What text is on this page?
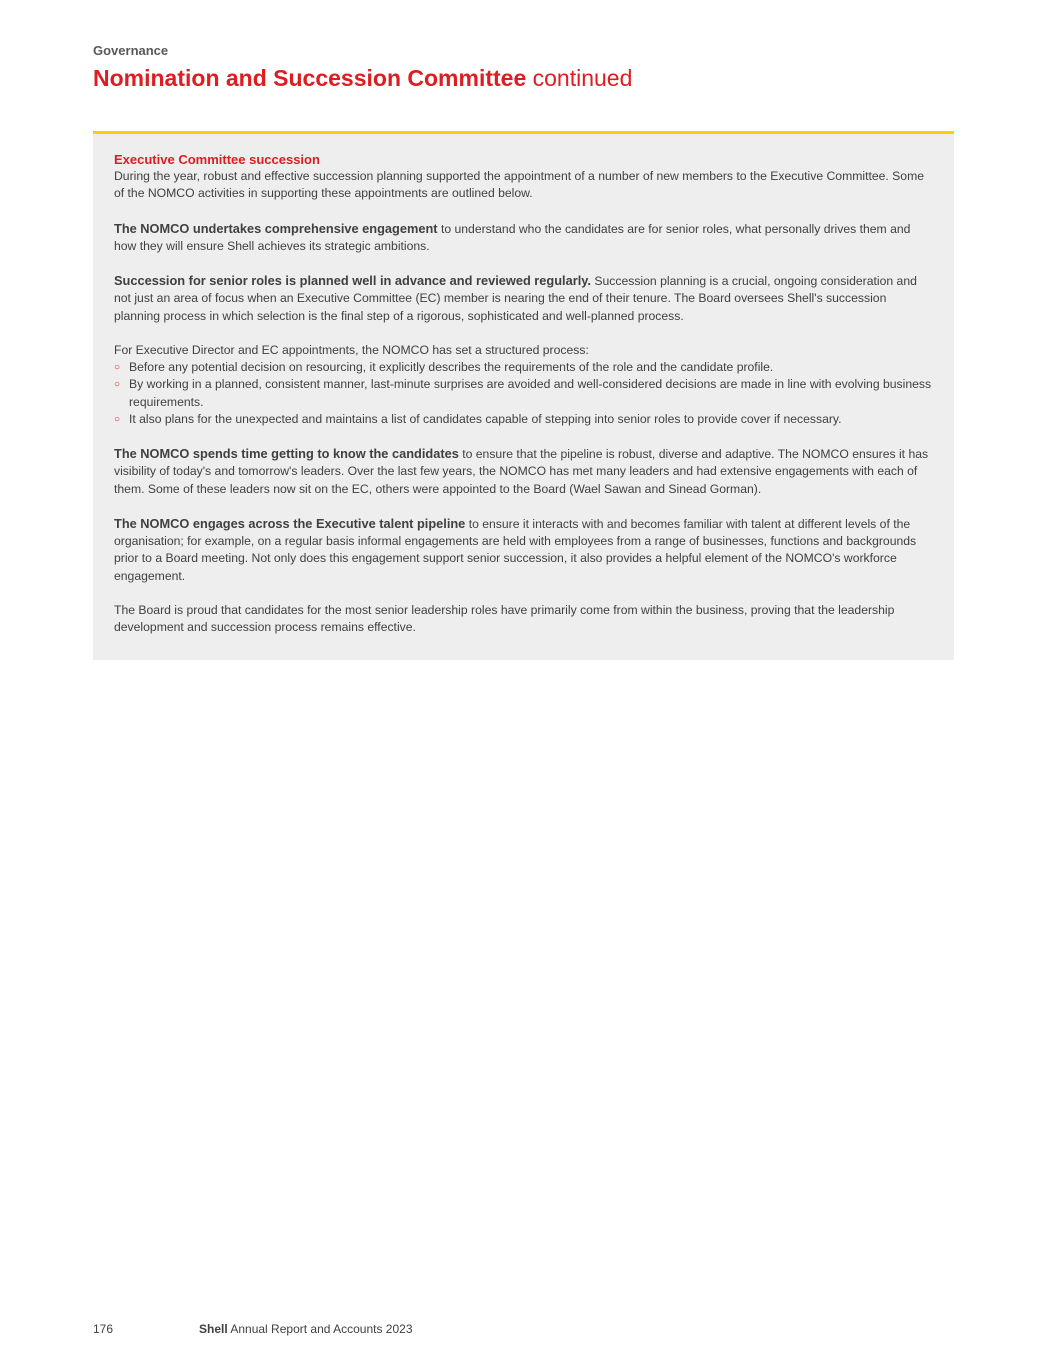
Governance
Nomination and Succession Committee continued
Executive Committee succession

During the year, robust and effective succession planning supported the appointment of a number of new members to the Executive Committee. Some of the NOMCO activities in supporting these appointments are outlined below.

The NOMCO undertakes comprehensive engagement to understand who the candidates are for senior roles, what personally drives them and how they will ensure Shell achieves its strategic ambitions.

Succession for senior roles is planned well in advance and reviewed regularly. Succession planning is a crucial, ongoing consideration and not just an area of focus when an Executive Committee (EC) member is nearing the end of their tenure. The Board oversees Shell's succession planning process in which selection is the final step of a rigorous, sophisticated and well-planned process.

For Executive Director and EC appointments, the NOMCO has set a structured process:
○ Before any potential decision on resourcing, it explicitly describes the requirements of the role and the candidate profile.
○ By working in a planned, consistent manner, last-minute surprises are avoided and well-considered decisions are made in line with evolving business requirements.
○ It also plans for the unexpected and maintains a list of candidates capable of stepping into senior roles to provide cover if necessary.

The NOMCO spends time getting to know the candidates to ensure that the pipeline is robust, diverse and adaptive. The NOMCO ensures it has visibility of today's and tomorrow's leaders. Over the last few years, the NOMCO has met many leaders and had extensive engagements with each of them. Some of these leaders now sit on the EC, others were appointed to the Board (Wael Sawan and Sinead Gorman).

The NOMCO engages across the Executive talent pipeline to ensure it interacts with and becomes familiar with talent at different levels of the organisation; for example, on a regular basis informal engagements are held with employees from a range of businesses, functions and backgrounds prior to a Board meeting. Not only does this engagement support senior succession, it also provides a helpful element of the NOMCO's workforce engagement.

The Board is proud that candidates for the most senior leadership roles have primarily come from within the business, proving that the leadership development and succession process remains effective.

176	Shell Annual Report and Accounts 2023
